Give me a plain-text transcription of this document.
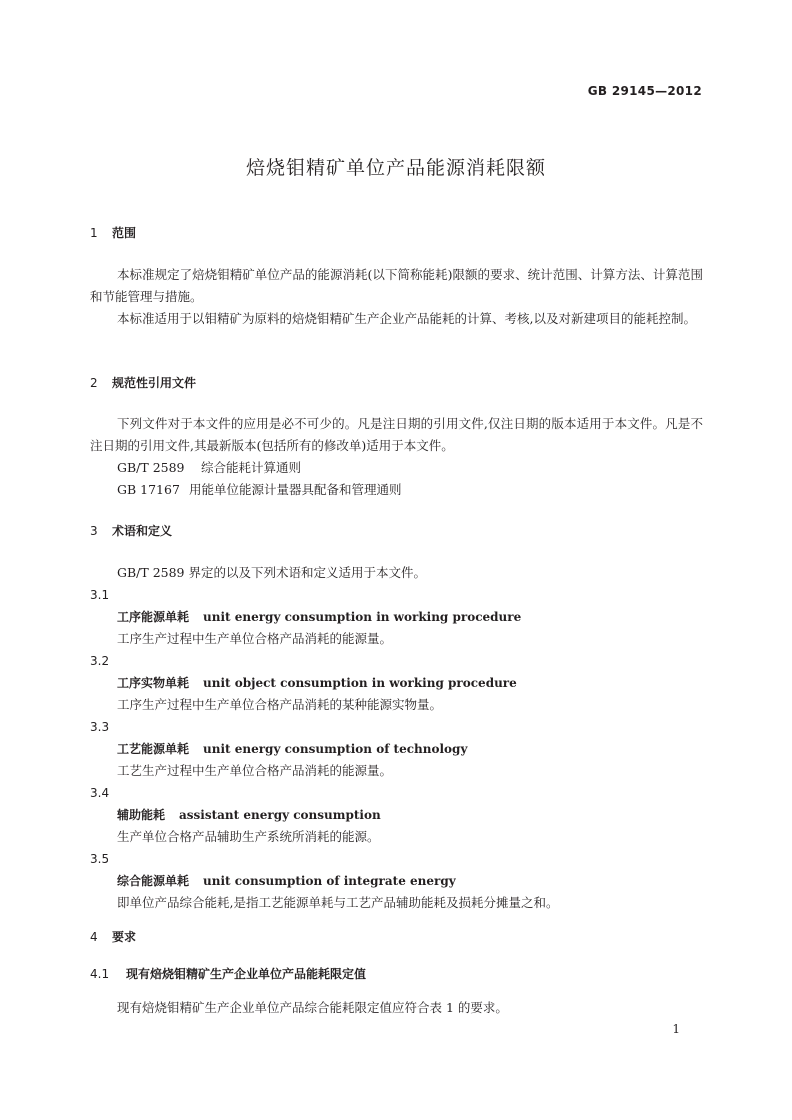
GB 29145—2012
焙烧钼精矿单位产品能源消耗限额
1 范围

本标准规定了焙烧钼精矿单位产品的能源消耗(以下简称能耗)限额的要求、统计范围、计算方法、计算范围和节能管理与措施。

本标准适用于以钼精矿为原料的焙烧钼精矿生产企业产品能耗的计算、考核,以及对新建项目的能耗控制。

2 规范性引用文件

下列文件对于本文件的应用是必不可少的。凡是注日期的引用文件,仅注日期的版本适用于本文件。凡是不注日期的引用文件,其最新版本(包括所有的修改单)适用于本文件。

GB/T 2589 综合能耗计算通则
GB 17167 用能单位能源计量器具配备和管理通则
3 术语和定义

GB/T 2589 界定的以及下列术语和定义适用于本文件。

3.1
工序能源单耗 unit energy consumption in working procedure
工序生产过程中生产单位合格产品消耗的能源量。
3.2
工序实物单耗 unit object consumption in working procedure
工序生产过程中生产单位合格产品消耗的某种能源实物量。
3.3
工艺能源单耗 unit energy consumption of technology
工艺生产过程中生产单位合格产品消耗的能源量。
3.4
辅助能耗 assistant energy consumption
生产单位合格产品辅助生产系统所消耗的能源。
3.5
综合能源单耗 unit consumption of integrate energy
即单位产品综合能耗,是指工艺能源单耗与工艺产品辅助能耗及损耗分摊量之和。
4 要求
4.1 现有焙烧钼精矿生产企业单位产品能耗限定值

现有焙烧钼精矿生产企业单位产品综合能耗限定值应符合表 1 的要求。

1
